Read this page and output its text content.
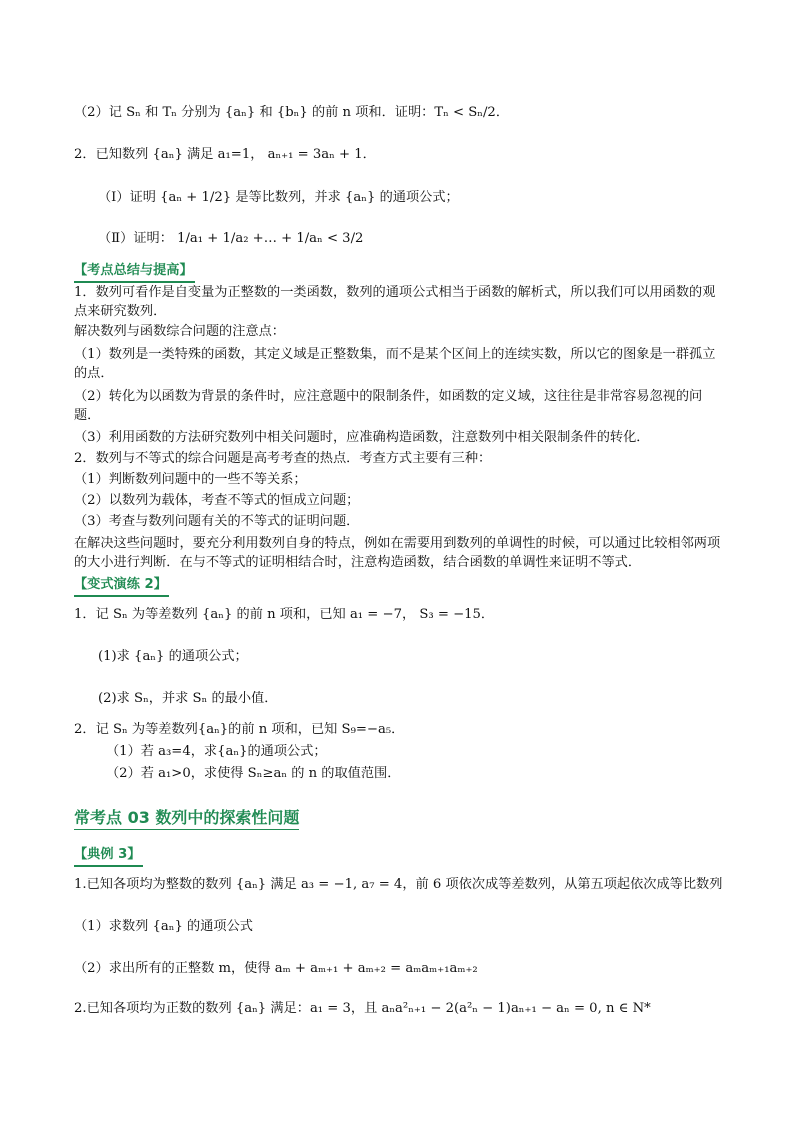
（2）记 Sₙ 和 Tₙ 分别为 {aₙ} 和 {bₙ} 的前 n 项和．证明：Tₙ < Sₙ/2．
2．已知数列 {aₙ} 满足 a₁=1， aₙ₊₁ = 3aₙ + 1．
（Ⅰ）证明 {aₙ + 1/2} 是等比数列，并求 {aₙ} 的通项公式；
（Ⅱ）证明： 1/a₁ + 1/a₂ +… + 1/aₙ < 3/2
【考点总结与提高】
1．数列可看作是自变量为正整数的一类函数，数列的通项公式相当于函数的解析式，所以我们可以用函数的观点来研究数列．
解决数列与函数综合问题的注意点：
（1）数列是一类特殊的函数，其定义域是正整数集，而不是某个区间上的连续实数，所以它的图象是一群孤立的点．
（2）转化为以函数为背景的条件时，应注意题中的限制条件，如函数的定义域，这往往是非常容易忽视的问题．
（3）利用函数的方法研究数列中相关问题时，应准确构造函数，注意数列中相关限制条件的转化．
2．数列与不等式的综合问题是高考考查的热点．考查方式主要有三种：
（1）判断数列问题中的一些不等关系；
（2）以数列为载体，考查不等式的恒成立问题；
（3）考查与数列问题有关的不等式的证明问题．
在解决这些问题时，要充分利用数列自身的特点，例如在需要用到数列的单调性的时候，可以通过比较相邻两项的大小进行判断．在与不等式的证明相结合时，注意构造函数，结合函数的单调性来证明不等式．
【变式演练 2】
1．记 Sₙ 为等差数列 {aₙ} 的前 n 项和，已知 a₁ = −7， S₃ = −15．
(1)求 {aₙ} 的通项公式；
(2)求 Sₙ，并求 Sₙ 的最小值．
2．记 Sₙ 为等差数列{aₙ}的前 n 项和，已知 S₉=−a₅．
（1）若 a₃=4，求{aₙ}的通项公式；
（2）若 a₁>0，求使得 Sₙ≥aₙ 的 n 的取值范围．
常考点 03 数列中的探索性问题
【典例 3】
1.已知各项均为整数的数列 {aₙ} 满足 a₃ = −1, a₇ = 4，前 6 项依次成等差数列，从第五项起依次成等比数列
（1）求数列 {aₙ} 的通项公式
（2）求出所有的正整数 m，使得 aₘ + aₘ₊₁ + aₘ₊₂ = aₘaₘ₊₁aₘ₊₂
2.已知各项均为正数的数列 {aₙ} 满足：a₁ = 3，且 aₙa²ₙ₊₁ − 2(a²ₙ − 1)aₙ₊₁ − aₙ = 0, n ∈ N*
